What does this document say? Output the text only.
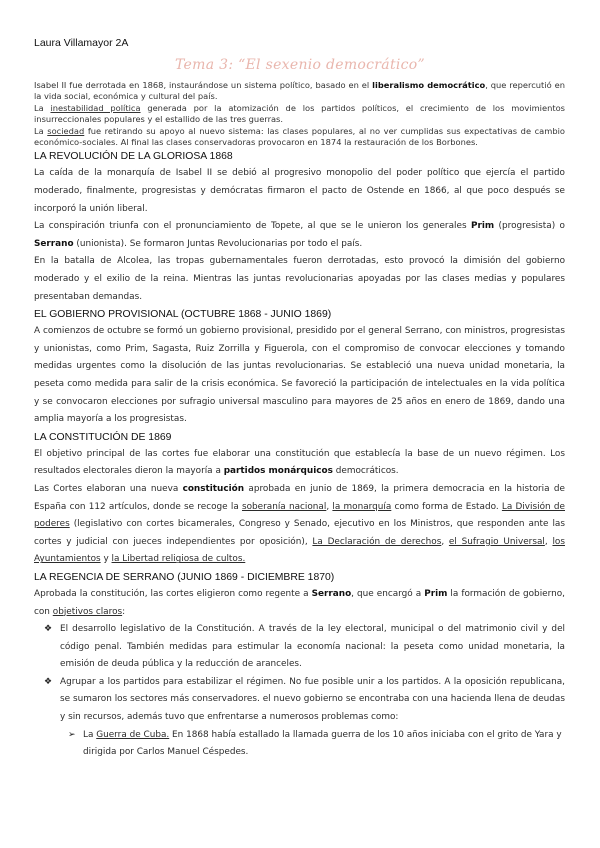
Laura Villamayor 2A
Tema 3: “El sexenio democrático”

Isabel II fue derrotada en 1868, instaurándose un sistema político, basado en el liberalismo democrático, que repercutió en la vida social, económica y cultural del país.

La inestabilidad política generada por la atomización de los partidos políticos, el crecimiento de los movimientos insurreccionales populares y el estallido de las tres guerras.

La sociedad fue retirando su apoyo al nuevo sistema: las clases populares, al no ver cumplidas sus expectativas de cambio económico-sociales. Al final las clases conservadoras provocaron en 1874 la restauración de los Borbones.

LA REVOLUCIÓN DE LA GLORIOSA 1868

La caída de la monarquía de Isabel II se debió al progresivo monopolio del poder político que ejercía el partido moderado, finalmente, progresistas y demócratas firmaron el pacto de Ostende en 1866, al que poco después se incorporó la unión liberal.

La conspiración triunfa con el pronunciamiento de Topete, al que se le unieron los generales Prim (progresista) o Serrano (unionista). Se formaron Juntas Revolucionarias por todo el país.

En la batalla de Alcolea, las tropas gubernamentales fueron derrotadas, esto provocó la dimisión del gobierno moderado y el exilio de la reina. Mientras las juntas revolucionarias apoyadas por las clases medias y populares presentaban demandas.

EL GOBIERNO PROVISIONAL (OCTUBRE 1868 - JUNIO 1869)

A comienzos de octubre se formó un gobierno provisional, presidido por el general Serrano, con ministros, progresistas y unionistas, como Prim, Sagasta, Ruiz Zorrilla y Figuerola, con el compromiso de convocar elecciones y tomando medidas urgentes como la disolución de las juntas revolucionarias. Se estableció una nueva unidad monetaria, la peseta como medida para salir de la crisis económica. Se favoreció la participación de intelectuales en la vida política y se convocaron elecciones por sufragio universal masculino para mayores de 25 años en enero de 1869, dando una amplia mayoría a los progresistas.

LA CONSTITUCIÓN DE 1869

El objetivo principal de las cortes fue elaborar una constitución que establecía la base de un nuevo régimen. Los resultados electorales dieron la mayoría a partidos monárquicos democráticos.

Las Cortes elaboran una nueva constitución aprobada en junio de 1869, la primera democracia en la historia de España con 112 artículos, donde se recoge la soberanía nacional, la monarquía como forma de Estado. La División de poderes (legislativo con cortes bicamerales, Congreso y Senado, ejecutivo en los Ministros, que responden ante las cortes y judicial con jueces independientes por oposición), La Declaración de derechos, el Sufragio Universal, los Ayuntamientos y la Libertad religiosa de cultos.

LA REGENCIA DE SERRANO (JUNIO 1869 - DICIEMBRE 1870)

Aprobada la constitución, las cortes eligieron como regente a Serrano, que encargó a Prim la formación de gobierno, con objetivos claros:

❖ El desarrollo legislativo de la Constitución. A través de la ley electoral, municipal o del matrimonio civil y del código penal. También medidas para estimular la economía nacional: la peseta como unidad monetaria, la emisión de deuda pública y la reducción de aranceles.
❖ Agrupar a los partidos para estabilizar el régimen. No fue posible unir a los partidos. A la oposición republicana, se sumaron los sectores más conservadores. el nuevo gobierno se encontraba con una hacienda llena de deudas y sin recursos, además tuvo que enfrentarse a numerosos problemas como:
➢ La Guerra de Cuba. En 1868 había estallado la llamada guerra de los 10 años iniciaba con el grito de Yara y dirigida por Carlos Manuel Céspedes.
